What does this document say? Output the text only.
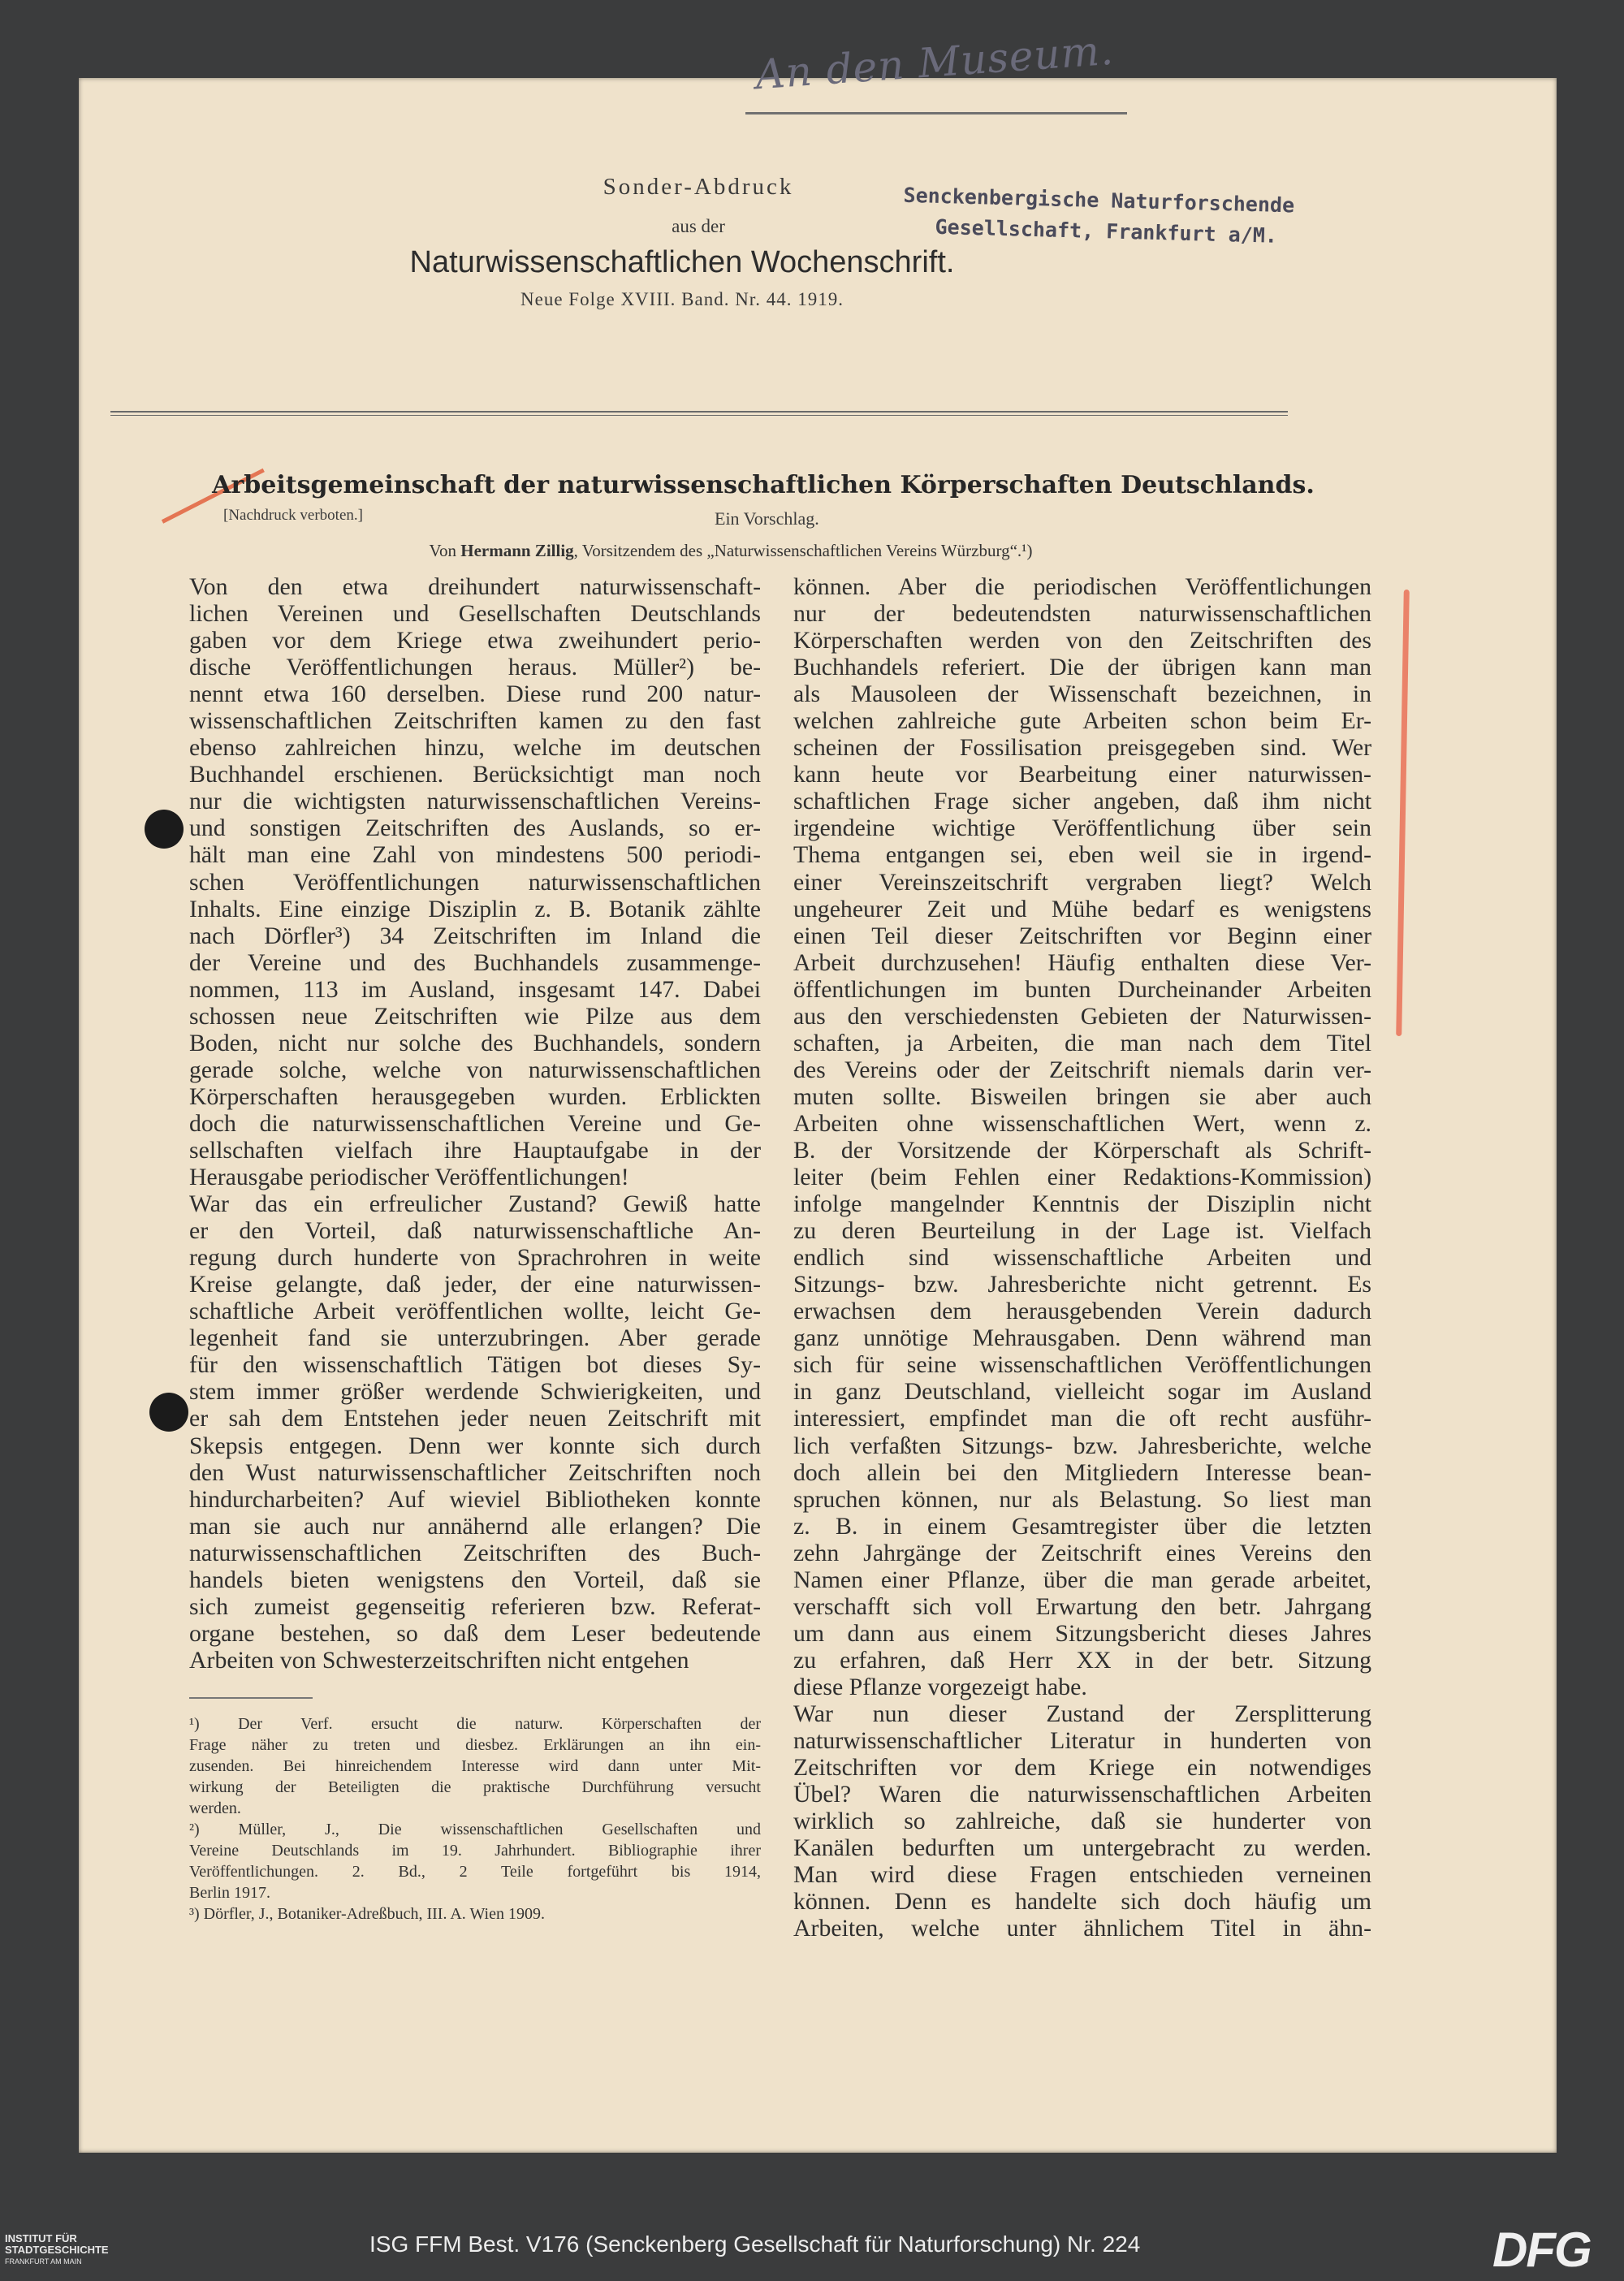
An den Museum.
Sonder-Abdruck
aus der
Naturwissenschaftlichen Wochenschrift.
Neue Folge XVIII. Band. Nr. 44. 1919.
Senckenbergische Naturforschende
Gesellschaft, Frankfurt a/M.
Arbeitsgemeinschaft der naturwissenschaftlichen Körperschaften Deutschlands.
[Nachdruck verboten.]	Ein Vorschlag.
Von Hermann Zillig, Vorsitzendem des „Naturwissenschaftlichen Vereins Würzburg“.¹)
Von den etwa dreihundert naturwissenschaft-
lichen Vereinen und Gesellschaften Deutschlands
gaben vor dem Kriege etwa zweihundert perio-
dische Veröffentlichungen heraus. Müller²) be-
nennt etwa 160 derselben. Diese rund 200 natur-
wissenschaftlichen Zeitschriften kamen zu den fast
ebenso zahlreichen hinzu, welche im deutschen
Buchhandel erschienen. Berücksichtigt man noch
nur die wichtigsten naturwissenschaftlichen Vereins-
und sonstigen Zeitschriften des Auslands, so er-
hält man eine Zahl von mindestens 500 periodi-
schen Veröffentlichungen naturwissenschaftlichen
Inhalts. Eine einzige Disziplin z. B. Botanik zählte
nach Dörfler³) 34 Zeitschriften im Inland die
der Vereine und des Buchhandels zusammenge-
nommen, 113 im Ausland, insgesamt 147. Dabei
schossen neue Zeitschriften wie Pilze aus dem
Boden, nicht nur solche des Buchhandels, sondern
gerade solche, welche von naturwissenschaftlichen
Körperschaften herausgegeben wurden. Erblickten
doch die naturwissenschaftlichen Vereine und Ge-
sellschaften vielfach ihre Hauptaufgabe in der
Herausgabe periodischer Veröffentlichungen!
War das ein erfreulicher Zustand? Gewiß hatte
er den Vorteil, daß naturwissenschaftliche An-
regung durch hunderte von Sprachrohren in weite
Kreise gelangte, daß jeder, der eine naturwissen-
schaftliche Arbeit veröffentlichen wollte, leicht Ge-
legenheit fand sie unterzubringen. Aber gerade
für den wissenschaftlich Tätigen bot dieses Sy-
stem immer größer werdende Schwierigkeiten, und
er sah dem Entstehen jeder neuen Zeitschrift mit
Skepsis entgegen. Denn wer konnte sich durch
den Wust naturwissenschaftlicher Zeitschriften noch
hindurcharbeiten? Auf wieviel Bibliotheken konnte
man sie auch nur annähernd alle erlangen? Die
naturwissenschaftlichen Zeitschriften des Buch-
handels bieten wenigstens den Vorteil, daß sie
sich zumeist gegenseitig referieren bzw. Referat-
organe bestehen, so daß dem Leser bedeutende
Arbeiten von Schwesterzeitschriften nicht entgehen
können. Aber die periodischen Veröffentlichungen
nur der bedeutendsten naturwissenschaftlichen
Körperschaften werden von den Zeitschriften des
Buchhandels referiert. Die der übrigen kann man
als Mausoleen der Wissenschaft bezeichnen, in
welchen zahlreiche gute Arbeiten schon beim Er-
scheinen der Fossilisation preisgegeben sind. Wer
kann heute vor Bearbeitung einer naturwissen-
schaftlichen Frage sicher angeben, daß ihm nicht
irgendeine wichtige Veröffentlichung über sein
Thema entgangen sei, eben weil sie in irgend-
einer Vereinszeitschrift vergraben liegt? Welch
ungeheurer Zeit und Mühe bedarf es wenigstens
einen Teil dieser Zeitschriften vor Beginn einer
Arbeit durchzusehen! Häufig enthalten diese Ver-
öffentlichungen im bunten Durcheinander Arbeiten
aus den verschiedensten Gebieten der Naturwissen-
schaften, ja Arbeiten, die man nach dem Titel
des Vereins oder der Zeitschrift niemals darin ver-
muten sollte. Bisweilen bringen sie aber auch
Arbeiten ohne wissenschaftlichen Wert, wenn z.
B. der Vorsitzende der Körperschaft als Schrift-
leiter (beim Fehlen einer Redaktions-Kommission)
infolge mangelnder Kenntnis der Disziplin nicht
zu deren Beurteilung in der Lage ist. Vielfach
endlich sind wissenschaftliche Arbeiten und
Sitzungs- bzw. Jahresberichte nicht getrennt. Es
erwachsen dem herausgebenden Verein dadurch
ganz unnötige Mehrausgaben. Denn während man
sich für seine wissenschaftlichen Veröffentlichungen
in ganz Deutschland, vielleicht sogar im Ausland
interessiert, empfindet man die oft recht ausführ-
lich verfaßten Sitzungs- bzw. Jahresberichte, welche
doch allein bei den Mitgliedern Interesse bean-
spruchen können, nur als Belastung. So liest man
z. B. in einem Gesamtregister über die letzten
zehn Jahrgänge der Zeitschrift eines Vereins den
Namen einer Pflanze, über die man gerade arbeitet,
verschafft sich voll Erwartung den betr. Jahrgang
um dann aus einem Sitzungsbericht dieses Jahres
zu erfahren, daß Herr XX in der betr. Sitzung
diese Pflanze vorgezeigt habe.
War nun dieser Zustand der Zersplitterung
naturwissenschaftlicher Literatur in hunderten von
Zeitschriften vor dem Kriege ein notwendiges
Übel? Waren die naturwissenschaftlichen Arbeiten
wirklich so zahlreiche, daß sie hunderter von
Kanälen bedurften um untergebracht zu werden.
Man wird diese Fragen entschieden verneinen
können. Denn es handelte sich doch häufig um
Arbeiten, welche unter ähnlichem Titel in ähn-
¹) Der Verf. ersucht die naturw. Körperschaften der
Frage näher zu treten und diesbez. Erklärungen an ihn ein-
zusenden. Bei hinreichendem Interesse wird dann unter Mit-
wirkung der Beteiligten die praktische Durchführung versucht
werden.
²) Müller, J., Die wissenschaftlichen Gesellschaften und
Vereine Deutschlands im 19. Jahrhundert. Bibliographie ihrer
Veröffentlichungen. 2. Bd., 2 Teile fortgeführt bis 1914,
Berlin 1917.
³) Dörfler, J., Botaniker-Adreßbuch, III. A. Wien 1909.
INSTITUT FÜR
STADTGESCHICHTE
FRANKFURT AM MAIN
ISG FFM Best. V176 (Senckenberg Gesellschaft für Naturforschung) Nr. 224	DFG
